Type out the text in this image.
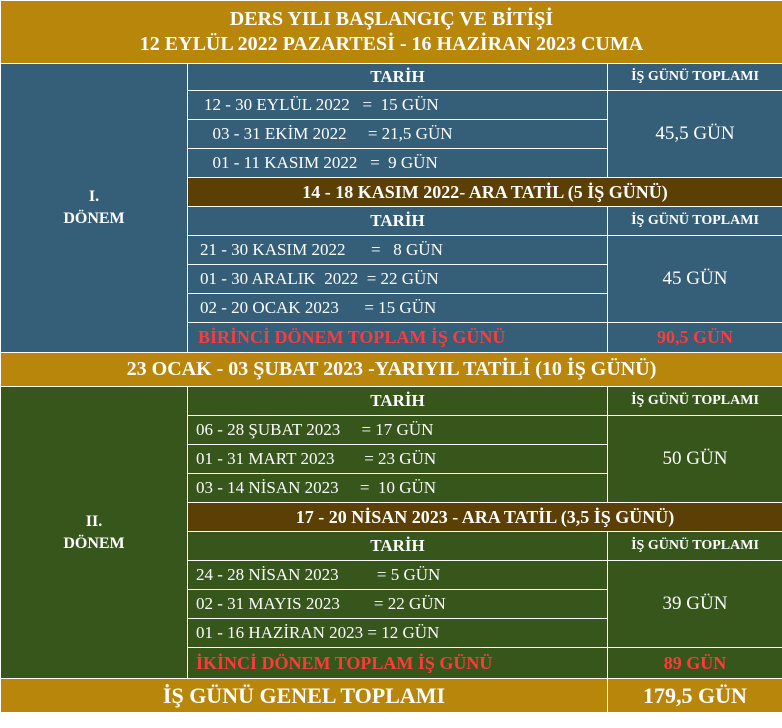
DERS YILI BAŞLANGIÇ VE BİTİŞİ
12 EYLÜL 2022 PAZARTESİ - 16 HAZİRAN 2023 CUMA		

I.
DÖNEM	TARİH	İŞ GÜNÜ TOPLAMI
	12 - 30 EYLÜL 2022   =  15 GÜN	45,5 GÜN
	03 - 31 EKİM 2022     = 21,5 GÜN	
	01 - 11 KASIM 2022   =  9 GÜN	
	14 - 18 KASIM 2022- ARA TATİL (5 İŞ GÜNÜ)	
	TARİH	İŞ GÜNÜ TOPLAMI
	21 - 30 KASIM 2022      =   8 GÜN	45 GÜN
	01 - 30 ARALIK  2022  = 22 GÜN	
	02 - 20 OCAK 2023      = 15 GÜN	
	BİRİNCİ DÖNEM TOPLAM İŞ GÜNÜ	90,5 GÜN
23 OCAK - 03 ŞUBAT 2023 -YARIYIL TATİLİ (10 İŞ GÜNÜ)		

II.
DÖNEM	TARİH	İŞ GÜNÜ TOPLAMI
	06 - 28 ŞUBAT 2023     = 17 GÜN	50 GÜN
	01 - 31 MART 2023       = 23 GÜN	
	03 - 14 NİSAN 2023     =  10 GÜN	
	17 - 20 NİSAN 2023 - ARA TATİL (3,5 İŞ GÜNÜ)	
	TARİH	İŞ GÜNÜ TOPLAMI
	24 - 28 NİSAN 2023         = 5 GÜN	39 GÜN
	02 - 31 MAYIS 2023        = 22 GÜN	
	01 - 16 HAZİRAN 2023 = 12 GÜN	
	İKİNCİ DÖNEM TOPLAM İŞ GÜNÜ	89 GÜN
İŞ GÜNÜ GENEL TOPLAMI		179,5 GÜN
